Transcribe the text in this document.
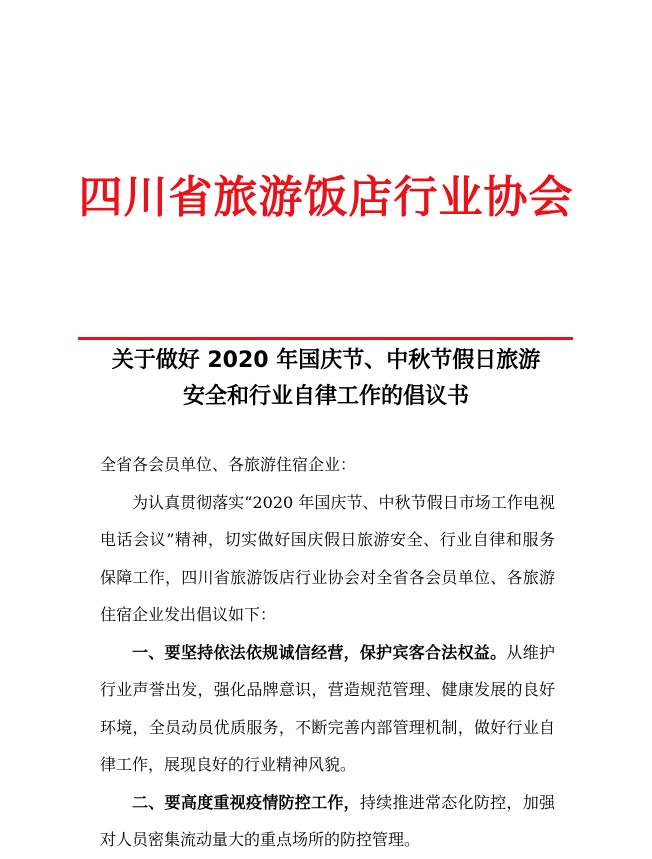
四川省旅游饭店行业协会
关于做好 2020 年国庆节、中秋节假日旅游
安全和行业自律工作的倡议书

全省各会员单位、各旅游住宿企业：

为认真贯彻落实“2020 年国庆节、中秋节假日市场工作电视电话会议”精神，切实做好国庆假日旅游安全、行业自律和服务保障工作，四川省旅游饭店行业协会对全省各会员单位、各旅游住宿企业发出倡议如下：

一、要坚持依法依规诚信经营，保护宾客合法权益。从维护行业声誉出发，强化品牌意识，营造规范管理、健康发展的良好环境，全员动员优质服务，不断完善内部管理机制，做好行业自律工作，展现良好的行业精神风貌。

二、要高度重视疫情防控工作，持续推进常态化防控，加强对人员密集流动量大的重点场所的防控管理。
